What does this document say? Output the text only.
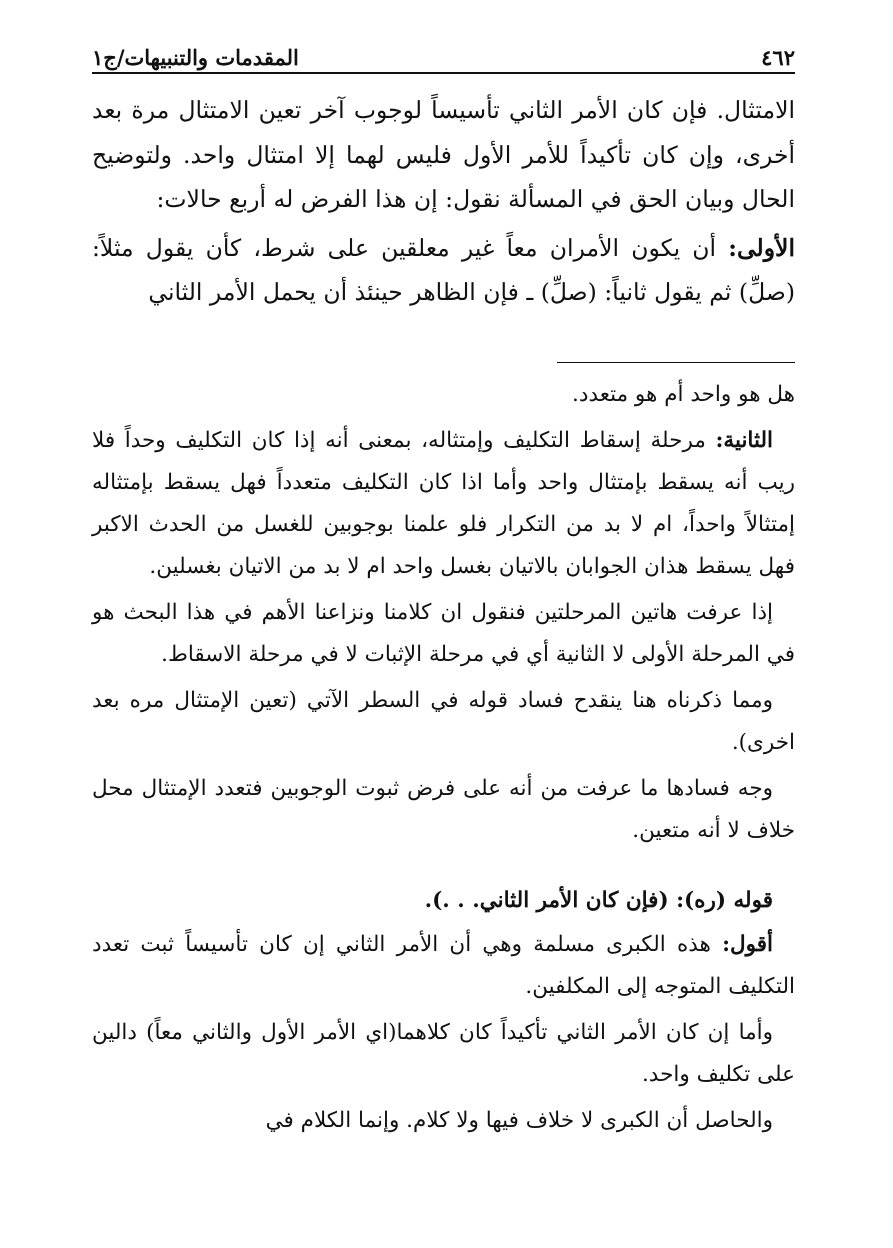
٤٦٢
المقدمات والتنبيهات/ج١

الامتثال. فإن كان الأمر الثاني تأسيساً لوجوب آخر تعين الامتثال مرة بعد أخرى، وإن كان تأكيداً للأمر الأول فليس لهما إلا امتثال واحد. ولتوضيح الحال وبيان الحق في المسألة نقول: إن هذا الفرض له أربع حالات:

الأولى: أن يكون الأمران معاً غير معلقين على شرط، كأن يقول مثلاً: (صلِّ) ثم يقول ثانياً: (صلِّ) ـ فإن الظاهر حينئذ أن يحمل الأمر الثاني

هل هو واحد أم هو متعدد.

الثانية: مرحلة إسقاط التكليف وإمتثاله، بمعنى أنه إذا كان التكليف وحداً فلا ريب أنه يسقط بإمتثال واحد وأما اذا كان التكليف متعدداً فهل يسقط بإمتثاله إمتثالاً واحداً، ام لا بد من التكرار فلو علمنا بوجوبين للغسل من الحدث الاكبر فهل يسقط هذان الجوابان بالاتيان بغسل واحد ام لا بد من الاتيان بغسلين.

إذا عرفت هاتين المرحلتين فنقول ان كلامنا ونزاعنا الأهم في هذا البحث هو في المرحلة الأولى لا الثانية أي في مرحلة الإثبات لا في مرحلة الاسقاط.

ومما ذكرناه هنا ينقدح فساد قوله في السطر الآتي (تعين الإمتثال مره بعد اخرى).

وجه فسادها ما عرفت من أنه على فرض ثبوت الوجوبين فتعدد الإمتثال محل خلاف لا أنه متعين.

قوله (ره): (فإن كان الأمر الثاني. . .).

أقول: هذه الكبرى مسلمة وهي أن الأمر الثاني إن كان تأسيساً ثبت تعدد التكليف المتوجه إلى المكلفين.

وأما إن كان الأمر الثاني تأكيداً كان كلاهما(اي الأمر الأول والثاني معاً) دالين على تكليف واحد.

والحاصل أن الكبرى لا خلاف فيها ولا كلام. وإنما الكلام في
